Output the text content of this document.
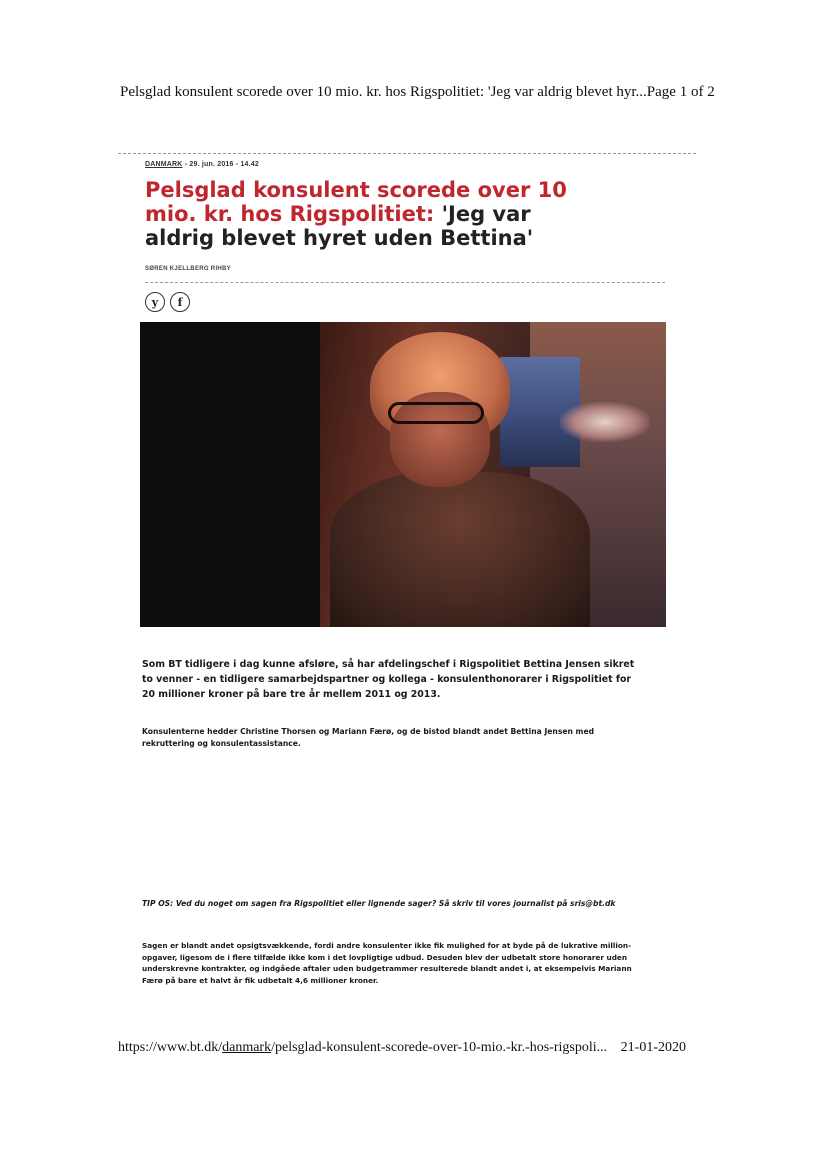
Pelsglad konsulent scorede over 10 mio. kr. hos Rigspolitiet: 'Jeg var aldrig blevet hyr... Page 1 of 2
DANMARK - 29. jun. 2016 - 14.42
Pelsglad konsulent scorede over 10 mio. kr. hos Rigspolitiet: 'Jeg var aldrig blevet hyret uden Bettina'
SØREN KJELLBERG RIHBY
y f

Som BT tidligere i dag kunne afsløre, så har afdelingschef i Rigspolitiet Bettina Jensen sikret to venner - en tidligere samarbejdspartner og kollega - konsulenthonorarer i Rigspolitiet for 20 millioner kroner på bare tre år mellem 2011 og 2013.

Konsulenterne hedder Christine Thorsen og Mariann Færø, og de bistod blandt andet Bettina Jensen med rekruttering og konsulentassistance.

TIP OS: Ved du noget om sagen fra Rigspolitiet eller lignende sager? Så skriv til vores journalist på sris@bt.dk

Sagen er blandt andet opsigtsvækkende, fordi andre konsulenter ikke fik mulighed for at byde på de lukrative million-opgaver, ligesom de i flere tilfælde ikke kom i det lovpligtige udbud. Desuden blev der udbetalt store honorarer uden underskrevne kontrakter, og indgåede aftaler uden budgetrammer resulterede blandt andet i, at eksempelvis Mariann Færø på bare et halvt år fik udbetalt 4,6 millioner kroner.

https://www.bt.dk/danmark/pelsglad-konsulent-scorede-over-10-mio.-kr.-hos-rigspoli... 21-01-2020
